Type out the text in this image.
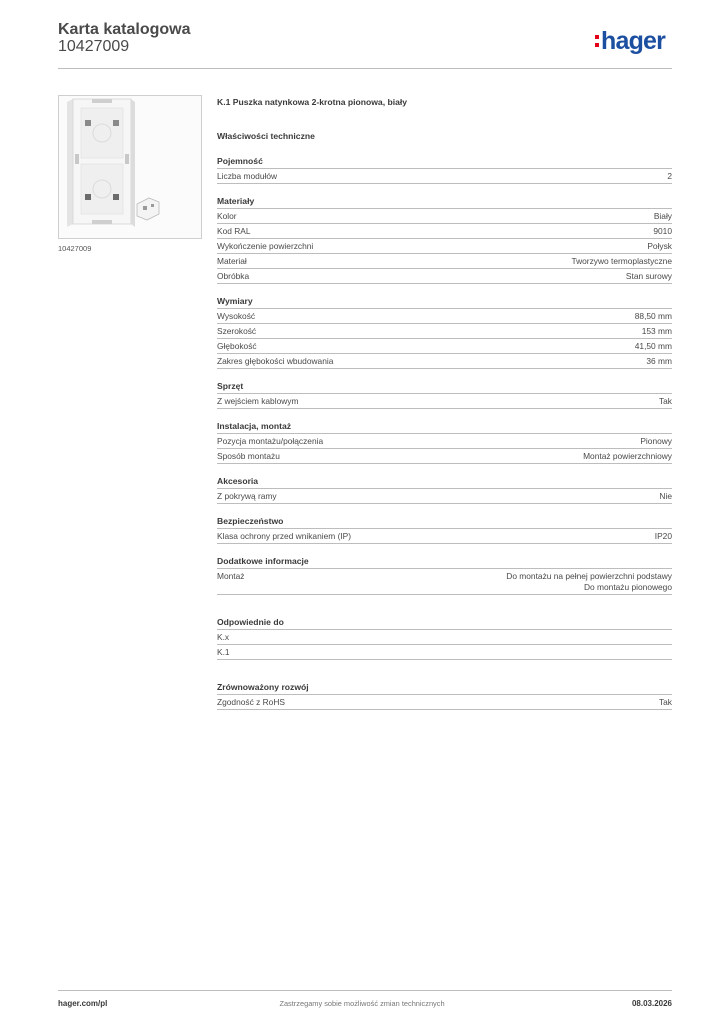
Karta katalogowa
10427009	hager
10427009
K.1 Puszka natynkowa 2-krotna pionowa, biały
Właściwości techniczne
Pojemność
Liczba modułów	2
Materiały
Kolor	Biały
Kod RAL	9010
Wykończenie powierzchni	Połysk
Materiał	Tworzywo termoplastyczne
Obróbka	Stan surowy
Wymiary
Wysokość	88,50 mm
Szerokość	153 mm
Głębokość	41,50 mm
Zakres głębokości wbudowania	36 mm
Sprzęt
Z wejściem kablowym	Tak
Instalacja, montaż
Pozycja montażu/połączenia	Pionowy
Sposób montażu	Montaż powierzchniowy
Akcesoria
Z pokrywą ramy	Nie
Bezpieczeństwo
Klasa ochrony przed wnikaniem (IP)	IP20
Dodatkowe informacje
Montaż	Do montażu na pełnej powierzchni podstawy
Do montażu pionowego
Odpowiednie do
K.x
K.1
Zrównoważony rozwój
Zgodność z RoHS	Tak
hager.com/pl	Zastrzegamy sobie możliwość zmian technicznych	08.03.2026
